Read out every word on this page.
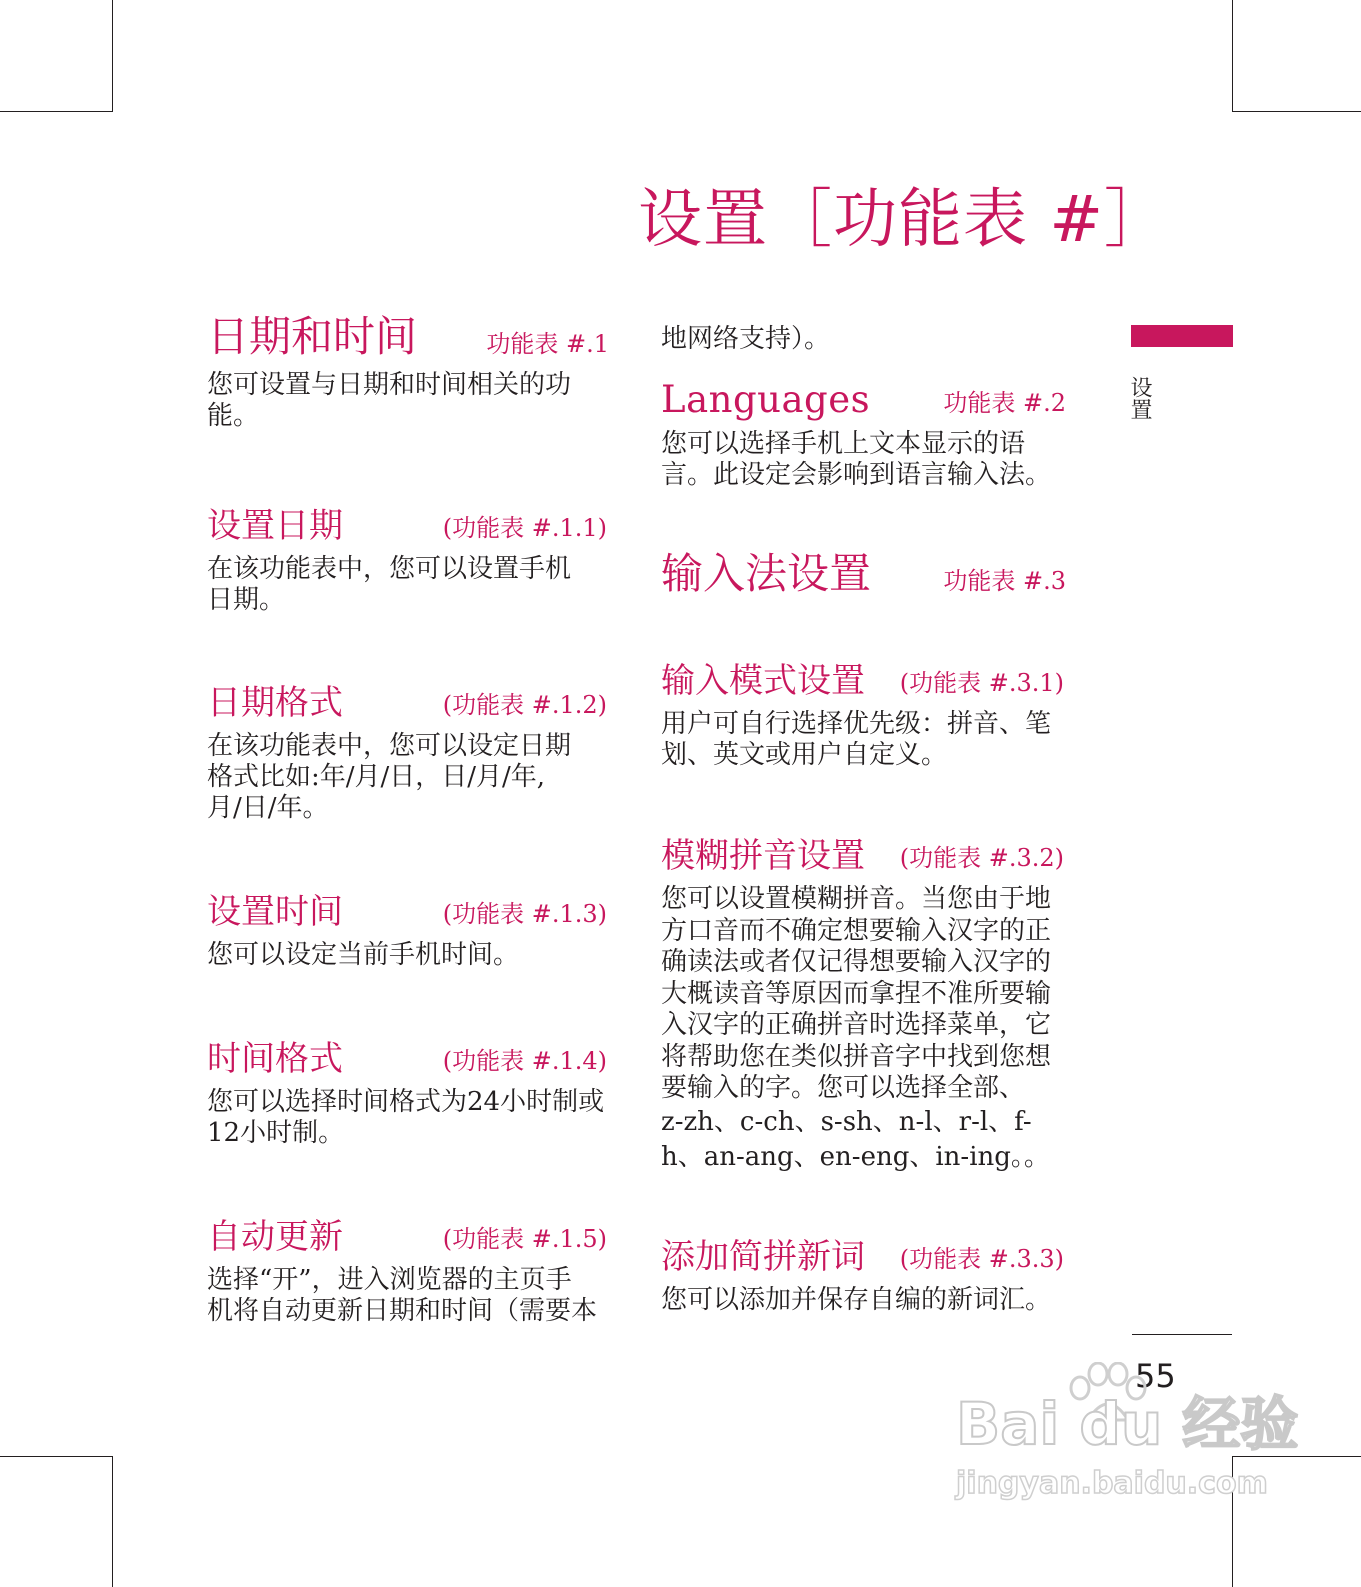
设置［功能表 #］
日期和时间	功能表 #.1

您可设置与日期和时间相关的功

能。

设置日期	(功能表 #.1.1)

在该功能表中，您可以设置手机

日期。

日期格式	(功能表 #.1.2)

在该功能表中，您可以设定日期

格式比如:年/月/日，日/月/年,

月/日/年。

设置时间	(功能表 #.1.3)

您可以设定当前手机时间。

时间格式	(功能表 #.1.4)

您可以选择时间格式为24小时制或

12小时制。

自动更新	(功能表 #.1.5)

选择“开”，进入浏览器的主页手

机将自动更新日期和时间（需要本

地网络支持）。

Languages	功能表 #.2

您可以选择手机上文本显示的语

言。此设定会影响到语言输入法。

输入法设置	功能表 #.3
输入模式设置 (功能表 #.3.1)

用户可自行选择优先级：拼音、笔

划、英文或用户自定义。

模糊拼音设置 (功能表 #.3.2)

您可以设置模糊拼音。当您由于地

方口音而不确定想要输入汉字的正

确读法或者仅记得想要输入汉字的

大概读音等原因而拿捏不准所要输

入汉字的正确拼音时选择菜单，它

将帮助您在类似拼音字中找到您想

要输入的字。您可以选择全部、

z-zh、c-ch、s-sh、n-l、r-l、f-

h、an-ang、en-eng、in-ing。。

添加简拼新词 (功能表 #.3.3)

您可以添加并保存自编的新词汇。

设置
55
Bai du 经验
jingyan.baidu.com
